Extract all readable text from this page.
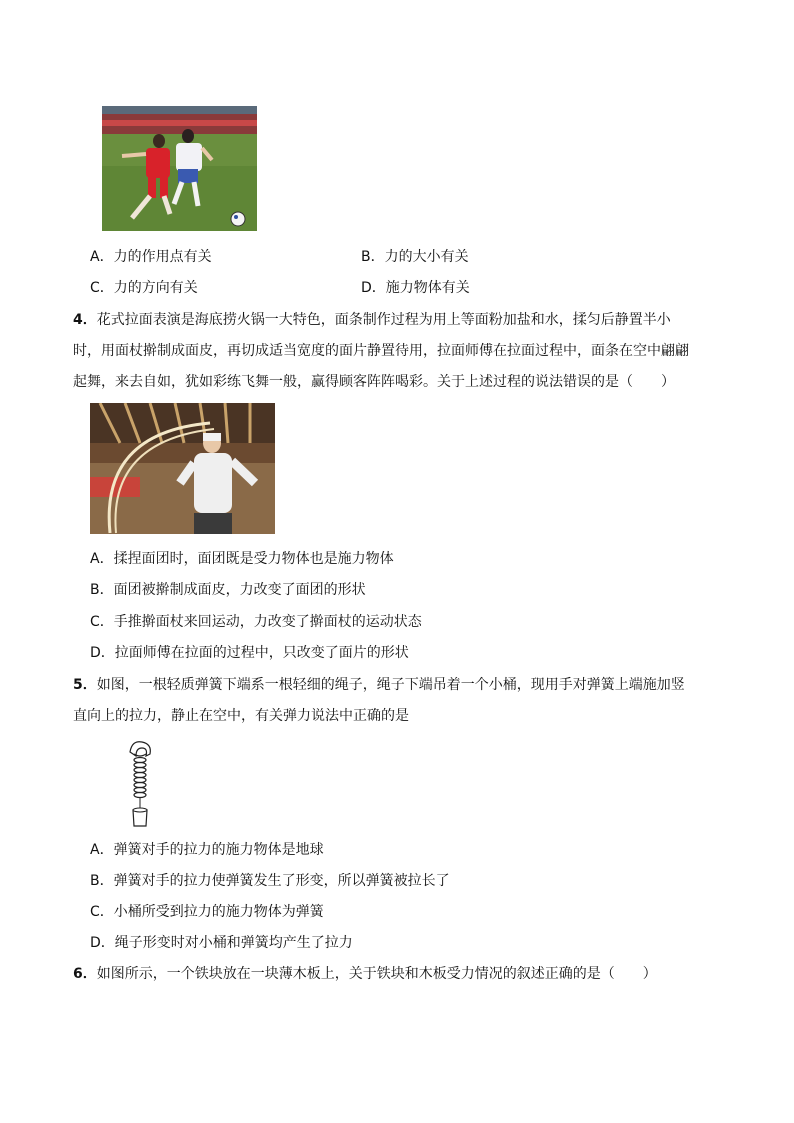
A．力的作用点有关	B．力的大小有关
C．力的方向有关	D．施力物体有关
4．花式拉面表演是海底捞火锅一大特色，面条制作过程为用上等面粉加盐和水，揉匀后静置半小
时，用面杖擀制成面皮，再切成适当宽度的面片静置待用，拉面师傅在拉面过程中，面条在空中翩翩
起舞，来去自如，犹如彩练飞舞一般，赢得顾客阵阵喝彩。关于上述过程的说法错误的是（　　）
A．揉捏面团时，面团既是受力物体也是施力物体
B．面团被擀制成面皮，力改变了面团的形状
C．手推擀面杖来回运动，力改变了擀面杖的运动状态
D．拉面师傅在拉面的过程中，只改变了面片的形状
5．如图，一根轻质弹簧下端系一根轻细的绳子，绳子下端吊着一个小桶，现用手对弹簧上端施加竖
直向上的拉力，静止在空中，有关弹力说法中正确的是
A．弹簧对手的拉力的施力物体是地球
B．弹簧对手的拉力使弹簧发生了形变，所以弹簧被拉长了
C．小桶所受到拉力的施力物体为弹簧
D．绳子形变时对小桶和弹簧均产生了拉力
6．如图所示，一个铁块放在一块薄木板上，关于铁块和木板受力情况的叙述正确的是（　　）
